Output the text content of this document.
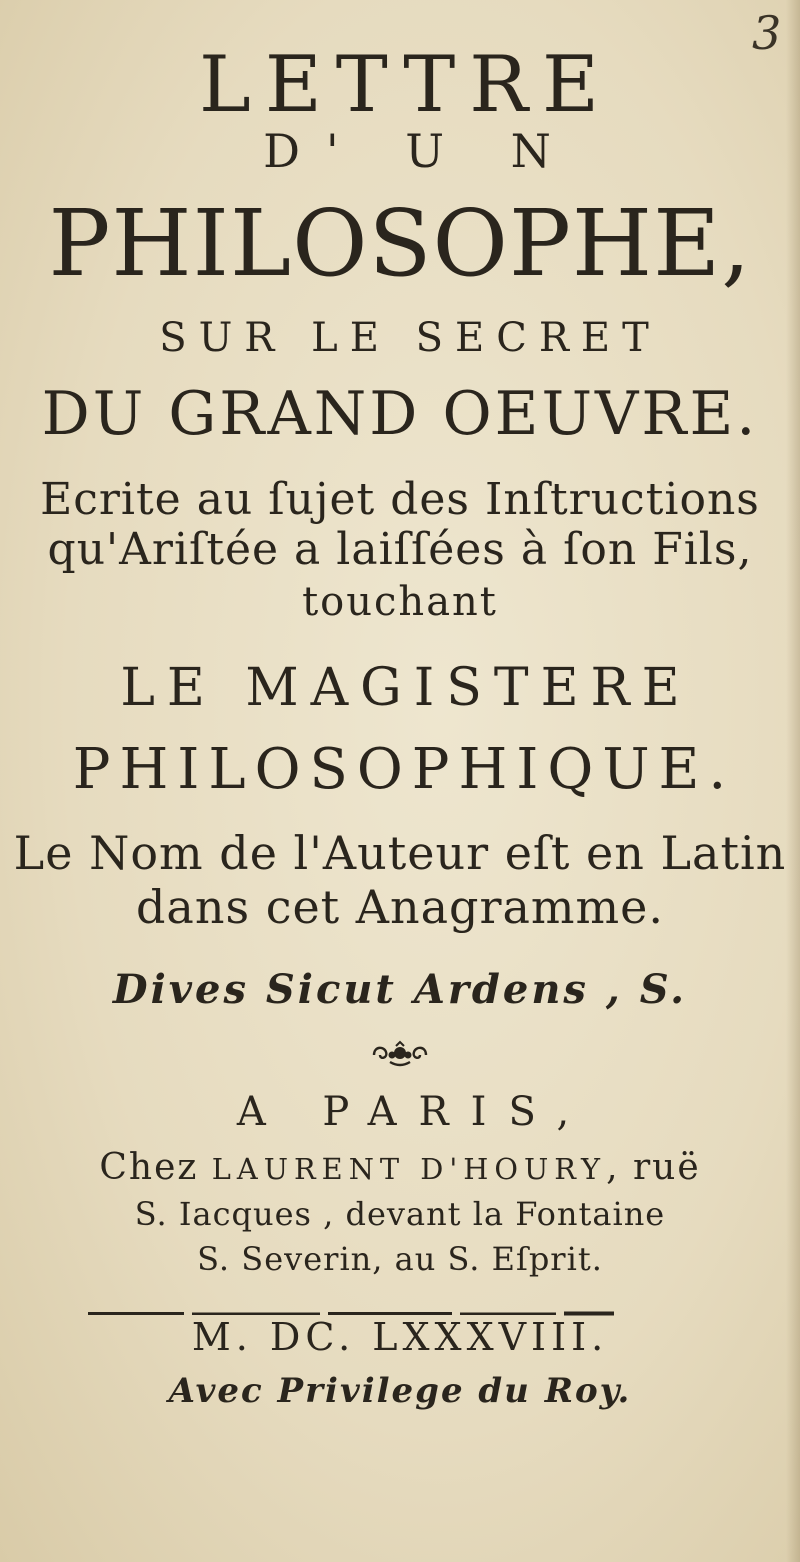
3
LETTRE
D' U N
PHILOSOPHE,
SUR LE SECRET
DU GRAND OEUVRE.
Ecrite au ſujet des Inſtructions
qu'Ariſtée a laiſſées à ſon Fils,
touchant
LE MAGISTERE
PHILOSOPHIQUE.
Le Nom de l'Auteur eſt en Latin
dans cet Anagramme.
Dives Sicut Ardens , S.
A PARIS,
Chez LAURENT D'HOURY, ruë
S. Iacques , devant la Fontaine
S. Severin, au S. Eſprit.
M. DC. LXXXVIII.
Avec Privilege du Roy.
